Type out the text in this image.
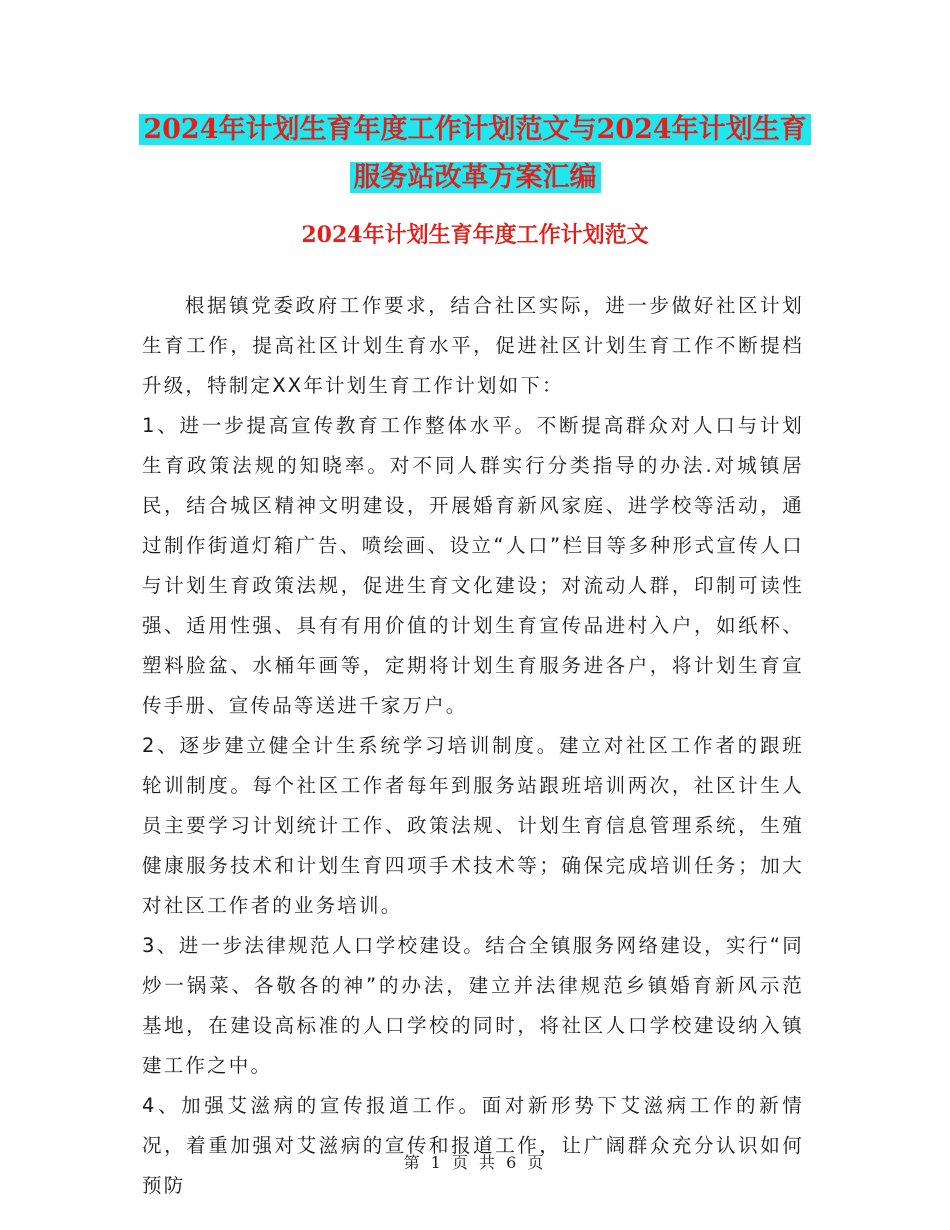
2024年计划生育年度工作计划范文与2024年计划生育
服务站改革方案汇编
2024年计划生育年度工作计划范文

根据镇党委政府工作要求，结合社区实际，进一步做好社区计划生育工作，提高社区计划生育水平，促进社区计划生育工作不断提档升级，特制定XX年计划生育工作计划如下：

1、进一步提高宣传教育工作整体水平。不断提高群众对人口与计划生育政策法规的知晓率。对不同人群实行分类指导的办法.对城镇居民，结合城区精神文明建设，开展婚育新风家庭、进学校等活动，通过制作街道灯箱广告、喷绘画、设立“人口”栏目等多种形式宣传人口与计划生育政策法规，促进生育文化建设；对流动人群，印制可读性强、适用性强、具有有用价值的计划生育宣传品进村入户，如纸杯、塑料脸盆、水桶年画等，定期将计划生育服务进各户，将计划生育宣传手册、宣传品等送进千家万户。

2、逐步建立健全计生系统学习培训制度。建立对社区工作者的跟班轮训制度。每个社区工作者每年到服务站跟班培训两次，社区计生人员主要学习计划统计工作、政策法规、计划生育信息管理系统，生殖健康服务技术和计划生育四项手术技术等；确保完成培训任务；加大对社区工作者的业务培训。

3、进一步法律规范人口学校建设。结合全镇服务网络建设，实行“同炒一锅菜、各敬各的神”的办法，建立并法律规范乡镇婚育新风示范基地，在建设高标准的人口学校的同时，将社区人口学校建设纳入镇建工作之中。

4、加强艾滋病的宣传报道工作。面对新形势下艾滋病工作的新情况，着重加强对艾滋病的宣传和报道工作，让广阔群众充分认识如何预防

第 1 页 共 6 页
